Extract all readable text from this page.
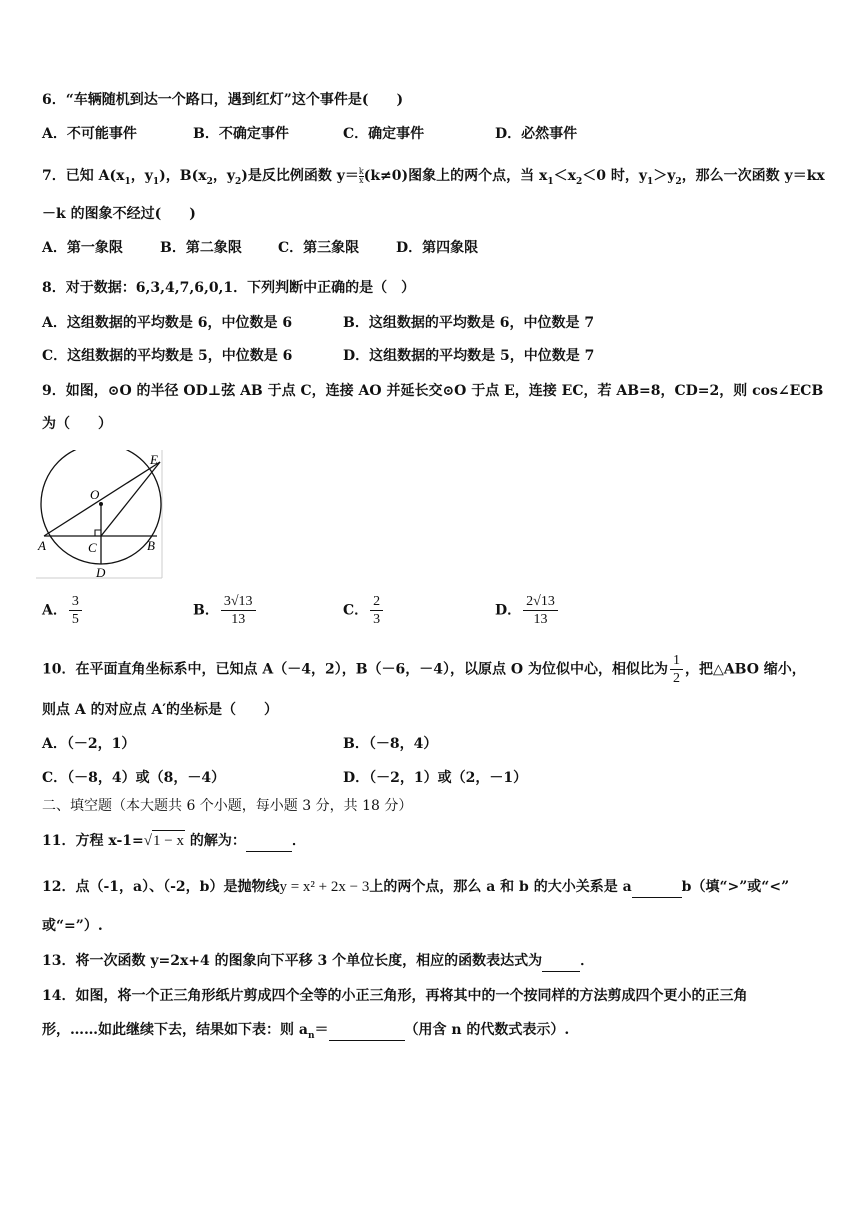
6．“车辆随机到达一个路口，遇到红灯”这个事件是(　　)
A．不可能事件	B．不确定事件	C．确定事件	D．必然事件
7．已知 $A(x_1$，$y_1$)，$B(x_2$，$y_2$)是反比例函数 $y=\frac{k}{x} (k\ne 0)$图象上的两个点，当 $x_1<x_2<0$ 时，$y_1>y_2$，那么一次函数 y＝kx
－k 的图象不经过(　　)
A．第一象限	B．第二象限	C．第三象限	D．第四象限
8．对于数据：6,3,4,7,6,0,1．下列判断中正确的是（　）
A．这组数据的平均数是 6，中位数是 6	B．这组数据的平均数是 6，中位数是 7
C．这组数据的平均数是 5，中位数是 6	D．这组数据的平均数是 5，中位数是 7
9．如图，⊙O 的半径 OD⊥弦 AB 于点 C，连接 AO 并延长交⊙O 于点 E，连接 EC，若 AB=8，CD=2，则 cos∠ECB
为（　　）
E
O
A	C	B
D
A． $\frac{3}{5}$	B． $\frac{3√13}{13}$	C． $\frac{2}{3}$	D． $\frac{2√13}{13}$
10．在平面直角坐标系中，已知点 A（－4，2），B（－6，－4），以原点 O 为位似中心，相似比为 $\frac{1}{2}$ ，把△ABO 缩小，
则点 A 的对应点 A′的坐标是（　　）
A．（－2，1）	B．（－8，4）
C．（－8，4）或（8，－4）	D．（－2，1）或（2，－1）
二、填空题（本大题共 6 个小题，每小题 3 分，共 18 分）
11．方程 x-1=√1 − x 的解为：	．
12．点（-1，a）、（-2，b）是抛物线y = x² + 2x − 3上的两个点，那么 a 和 b 的大小关系是 a	b（填“>”或“<”
或“=”）.
13．将一次函数 y=2x+4 的图象向下平移 3 个单位长度，相应的函数表达式为	．
14．如图，将一个正三角形纸片剪成四个全等的小正三角形，再将其中的一个按同样的方法剪成四个更小的正三角
形，……如此继续下去，结果如下表：则 $a_n=$	（用含 n 的代数式表示）.
